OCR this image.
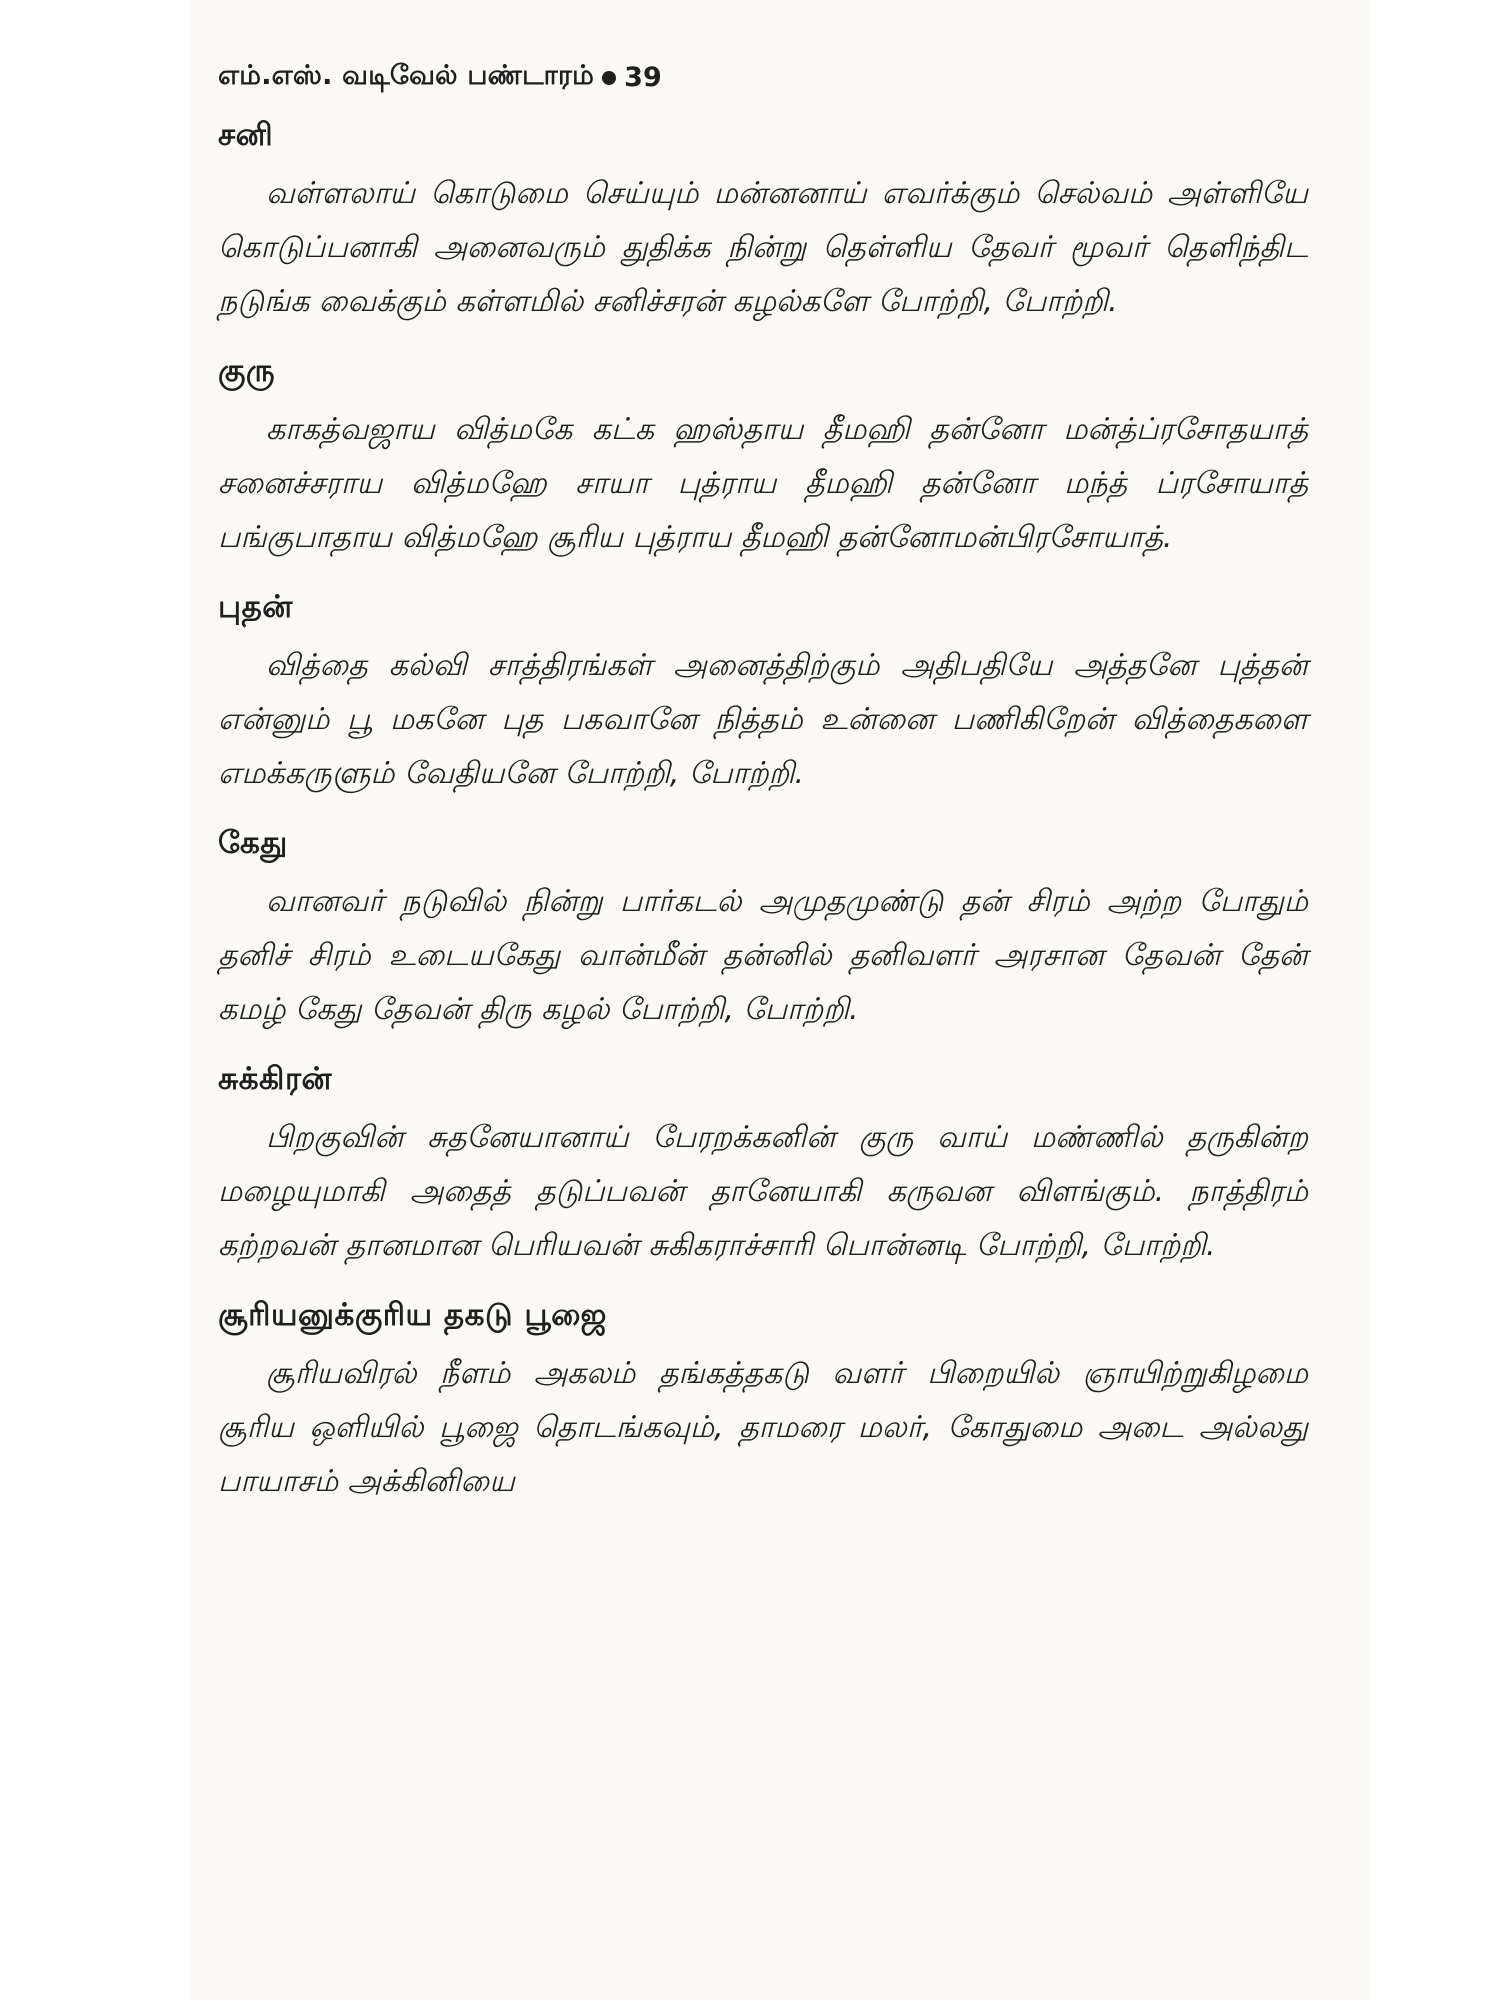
எம்.எஸ். வடிவேல் பண்டாரம் 39
சனி

வள்ளலாய் கொடுமை செய்யும் மன்னனாய் எவர்க்கும் செல்வம் அள்ளியே கொடுப்பனாகி அனைவரும் துதிக்க நின்று தெள்ளிய தேவர் மூவர் தெளிந்திட நடுங்க வைக்கும் கள்ளமில் சனிச்சரன் கழல்களே போற்றி, போற்றி.

குரு

காகத்வஜாய வித்மகே கட்க ஹஸ்தாய தீமஹி தன்னோ மன்த்ப்ரசோதயாத் சனைச்சராய வித்மஹே சாயா புத்ராய தீமஹி தன்னோ மந்த் ப்ரசோயாத் பங்குபாதாய வித்மஹே சூரிய புத்ராய தீமஹி தன்னோமன்பிரசோயாத்.

புதன்

வித்தை கல்வி சாத்திரங்கள் அனைத்திற்கும் அதிபதியே அத்தனே புத்தன் என்னும் பூ மகனே புத பகவானே நித்தம் உன்னை பணிகிறேன் வித்தைகளை எமக்கருளும் வேதியனே போற்றி, போற்றி.

கேது

வானவர் நடுவில் நின்று பார்கடல் அமுதமுண்டு தன் சிரம் அற்ற போதும் தனிச் சிரம் உடையகேது வான்மீன் தன்னில் தனிவளர் அரசான தேவன் தேன் கமழ் கேது தேவன் திரு கழல் போற்றி, போற்றி.

சுக்கிரன்

பிறகுவின் சுதனேயானாய் பேரறக்கனின் குரு வாய் மண்ணில் தருகின்ற மழையுமாகி அதைத் தடுப்பவன் தானேயாகி கருவன விளங்கும். நாத்திரம் கற்றவன் தானமான பெரியவன் சுகிகராச்சாரி பொன்னடி போற்றி, போற்றி.

சூரியனுக்குரிய தகடு பூஜை

சூரியவிரல் நீளம் அகலம் தங்கத்தகடு வளர் பிறையில் ஞாயிற்றுகிழமை சூரிய ஒளியில் பூஜை தொடங்கவும், தாமரை மலர், கோதுமை அடை அல்லது பாயாசம் அக்கினியை
